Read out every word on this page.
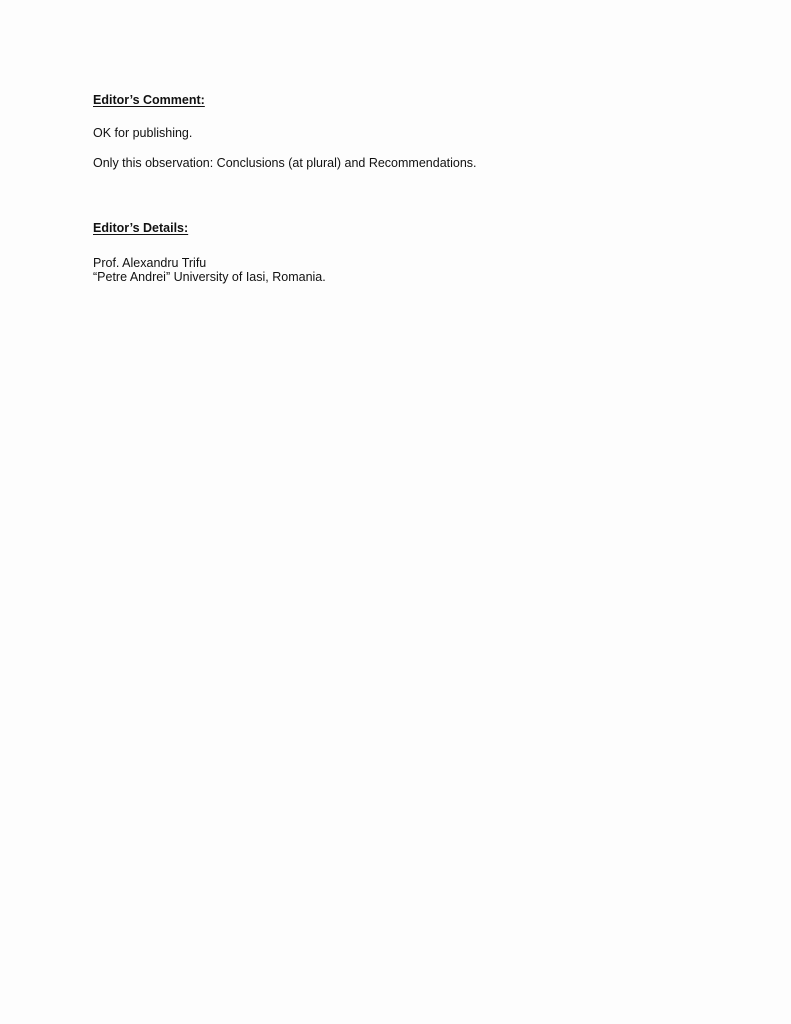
Editor’s Comment:

OK for publishing.

Only this observation: Conclusions (at plural) and Recommendations.

Editor’s Details:

Prof. Alexandru Trifu

“Petre Andrei” University of Iasi, Romania.
